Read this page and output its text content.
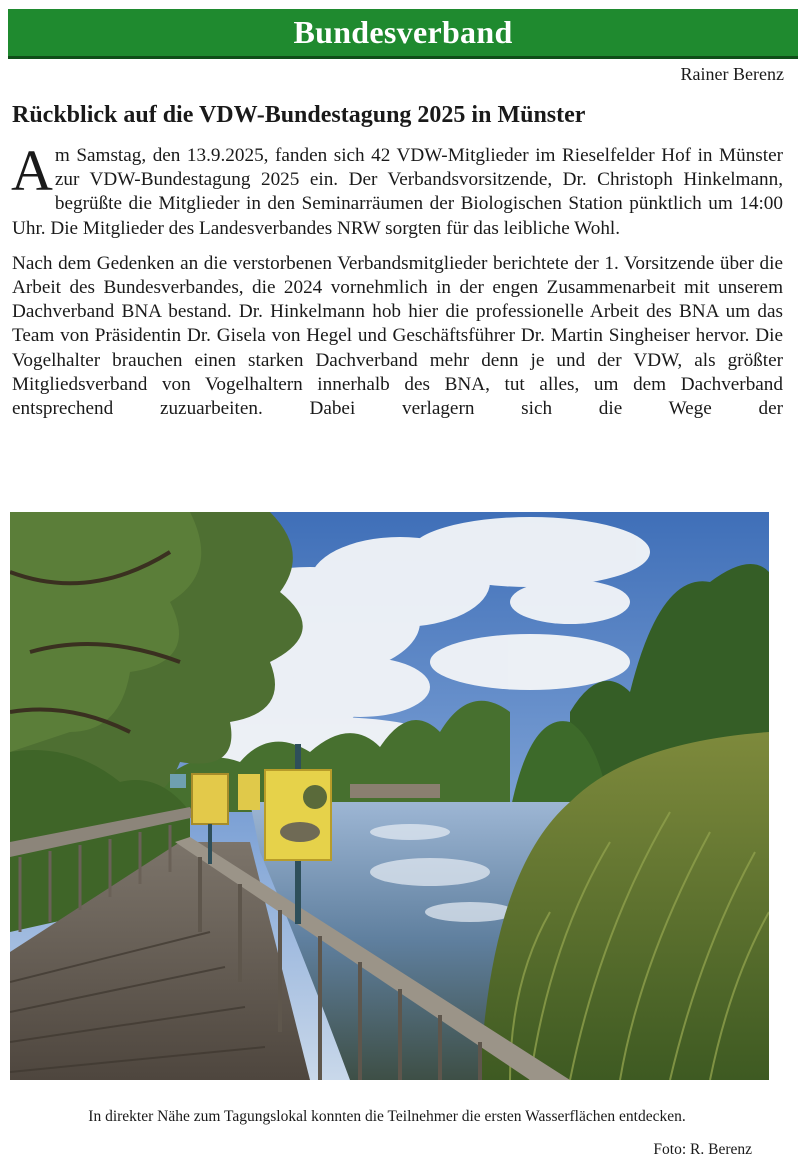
Bundesverband
Rainer Berenz
Rückblick auf die VDW-Bundestagung 2025 in Münster

Am Samstag, den 13.9.2025, fanden sich 42 VDW-Mitglieder im Rieselfelder Hof in Münster zur VDW-Bundestagung 2025 ein. Der Verbandsvorsitzende, Dr. Christoph Hinkelmann, begrüßte die Mitglieder in den Seminarräumen der Biologischen Station pünktlich um 14:00 Uhr. Die Mitglieder des Landesverbandes NRW sorgten für das leibliche Wohl.

Nach dem Gedenken an die verstorbenen Verbandsmitglieder berichtete der 1. Vorsitzende über die Arbeit des Bundesverbandes, die 2024 vornehmlich in der engen Zusammenarbeit mit unserem Dachverband BNA bestand. Dr. Hinkelmann hob hier die professionelle Arbeit des BNA um das Team von Präsidentin Dr. Gisela von Hegel und Geschäftsführer Dr. Martin Singheiser hervor. Die Vogelhalter brauchen einen starken Dachverband mehr denn je und der VDW, als größter Mitgliedsverband von Vogelhaltern innerhalb des BNA, tut alles, um dem Dachverband entsprechend zuzuarbeiten. Dabei verlagern sich die Wege der

In direkter Nähe zum Tagungslokal konnten die Teilnehmer die ersten Wasserflächen entdecken.
Foto: R. Berenz
